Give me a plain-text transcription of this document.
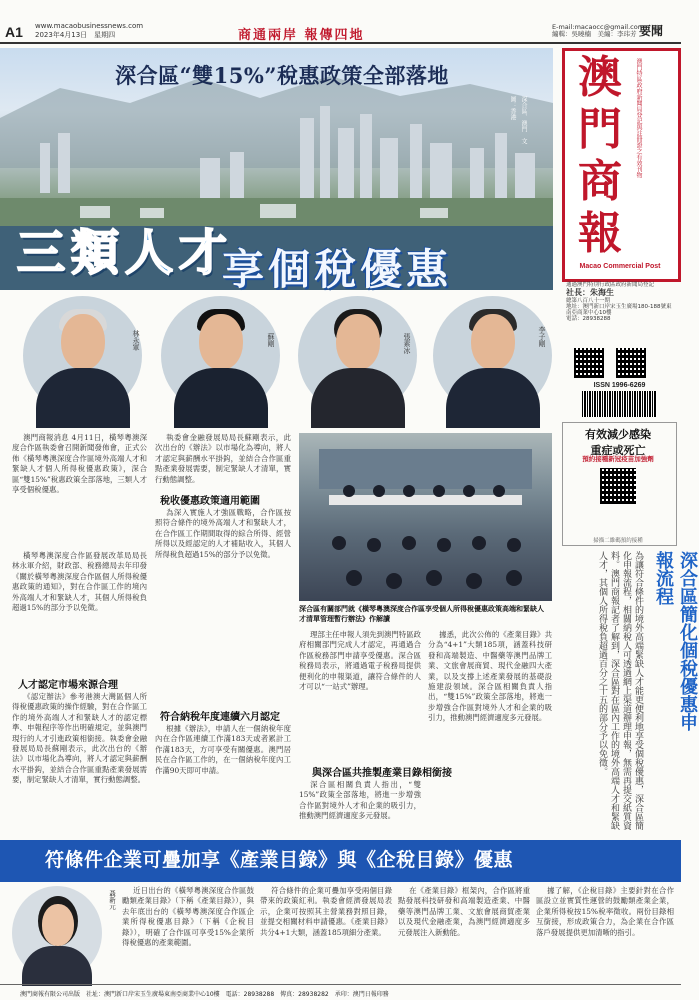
www.macaobusinessnews.com
2023年4月13日　星期四
A1	商通兩岸 報傳四地
E-mail:macaocc@gmail.com
編輯：吳曉楠　美編：李玮芳 要聞
深合區“雙15%”稅惠政策全部落地
深合區、澳門　文圖：香港
三類人才
享個稅優惠
林永軍	蘇剛	張素冰	李子剛
澳門商報
澳門特區政府新聞局登記與註冊證之有效刊物
Macao Commercial Post
通過澳門特別行政區政府新聞局登記
社長：朱海生
總第八百八十一期
地址：澳門新口岸宋玉生廣場180-188號東南亞商業中心10樓
電話：28938288
ISSN 1996-6269
有效減少感染
重症或死亡
預約接種新冠疫苗加強劑
掃描二維碼預約接種
深合區簡化個稅優惠申報流程
為讓符合條件的境外高端緊缺人才能更便利地享受個稅優惠，深合區簡化申報流程，相關納稅人可透過網上渠道辦理申報，無需再提交紙質資料。澳門商報記者了解到，深合區對在區內工作的境外高端人才和緊缺人才，其個人所得稅負超過百分之十五的部分予以免徵。
澳門商報消息 4月11日，橫琴粵澳深度合作區執委會召開新聞發佈會，正式公佈《橫琴粵澳深度合作區境外高端人才和緊缺人才個人所得稅優惠政策》，深合區“雙15%”稅惠政策全部落地，三類人才享受個稅優惠。
橫琴粵澳深度合作區發展改革局局長林永軍介紹，財政部、稅務總局去年印發《關於橫琴粵澳深度合作區個人所得稅優惠政策的通知》，對在合作區工作的境內外高端人才和緊缺人才，其個人所得稅負超過15%的部分予以免徵。
人才認定市場來源合理
《認定辦法》參考港澳大灣區個人所得稅優惠政策的操作經驗，對在合作區工作的境外高端人才和緊缺人才的認定標準、申報程序等作出明確規定，並與澳門現行的人才引進政策相銜接。執委會金融發展局局長蘇剛表示，此次出台的《辦法》以市場化為導向，將人才認定與薪酬水平掛鈎，並結合合作區重點產業發展需要，制定緊缺人才清單，實行動態調整。
執委會金融發展局局長蘇剛表示，此次出台的《辦法》以市場化為導向，將人才認定與薪酬水平掛鈎，並結合合作區重點產業發展需要，制定緊缺人才清單，實行動態調整。
稅收優惠政策適用範圍
為深入實施人才強區戰略，合作區按照符合條件的境外高端人才和緊缺人才，在合作區工作期間取得的綜合所得、經營所得以及經認定的人才補貼收入，其個人所得稅負超過15%的部分予以免徵。
符合納稅年度連續六月認定
根據《辦法》，申請人在一個納稅年度內在合作區連續工作滿183天或者累計工作滿183天，方可享受有關優惠。澳門居民在合作區工作的，在一個納稅年度內工作滿90天即可申請。
深合區有關部門就《橫琴粵澳深度合作區享受個人所得稅優惠政策高端和緊缺人才清單管理暫行辦法》作解讀
理部主任申報人須先到澳門特區政府相關部門完成人才認定，再通過合作區稅務部門申請享受優惠。深合區稅務局表示，將通過電子稅務局提供便利化的申報渠道，讓符合條件的人才可以“一站式”辦理。
與深合區共推製產業目錄相銜接
深合區相關負責人指出，“雙15%”政策全部落地，將進一步增強合作區對境外人才和企業的吸引力，推動澳門經濟適度多元發展。
據悉，此次公佈的《產業目錄》共分為“4+1”大類185項，涵蓋科技研發和高端製造、中醫藥等澳門品牌工業、文旅會展商貿、現代金融四大產業，以及支撐上述產業發展的基礎設施建設領域。深合區相關負責人指出，“雙15%”政策全部落地，將進一步增強合作區對境外人才和企業的吸引力，推動澳門經濟適度多元發展。
符條件企業可疊加享《產業目錄》與《企稅目錄》優惠
聶新元	近日出台的《橫琴粵澳深度合作區鼓勵類產業目錄》（下稱《產業目錄》），與去年底出台的《橫琴粵澳深度合作區企業所得稅優惠目錄》（下稱《企稅目錄》），明確了合作區可享受15%企業所得稅優惠的產業範圍。
符合條件的企業可疊加享受兩個目錄帶來的政策紅利。執委會經濟發展局表示，企業可按照其主營業務對照目錄，並提交相關材料申請優惠。《產業目錄》共分4+1大類，涵蓋185項細分產業。
在《產業目錄》框架內，合作區將重點發展科技研發和高端製造產業、中醫藥等澳門品牌工業、文旅會展商貿產業以及現代金融產業，為澳門經濟適度多元發展注入新動能。
據了解，《企稅目錄》主要針對在合作區設立並實質性運營的鼓勵類產業企業，企業所得稅按15%稅率徵收。兩份目錄相互銜接，形成政策合力，為企業在合作區落戶發展提供更加清晰的指引。
澳門商報有限公司出版　社址：澳門新口岸宋玉生廣場東南亞商業中心10樓　電話：28938288　傳真：28938282　承印：澳門日報印務
